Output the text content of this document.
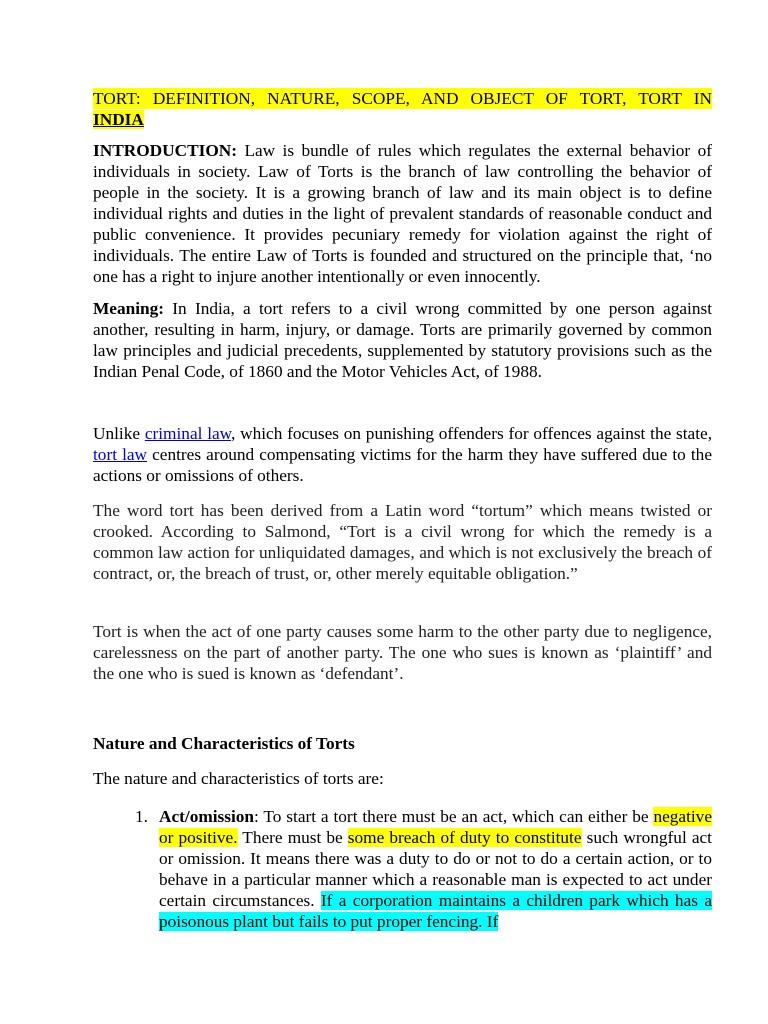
TORT: DEFINITION, NATURE, SCOPE, AND OBJECT OF TORT, TORT IN
INDIA

INTRODUCTION: Law is bundle of rules which regulates the external behavior of individuals in society. Law of Torts is the branch of law controlling the behavior of people in the society. It is a growing branch of law and its main object is to define individual rights and duties in the light of prevalent standards of reasonable conduct and public convenience. It provides pecuniary remedy for violation against the right of individuals. The entire Law of Torts is founded and structured on the principle that, ‘no one has a right to injure another intentionally or even innocently.

Meaning: In India, a tort refers to a civil wrong committed by one person against another, resulting in harm, injury, or damage. Torts are primarily governed by common law principles and judicial precedents, supplemented by statutory provisions such as the Indian Penal Code, of 1860 and the Motor Vehicles Act, of 1988.

Unlike criminal law, which focuses on punishing offenders for offences against the state, tort law centres around compensating victims for the harm they have suffered due to the actions or omissions of others.

The word tort has been derived from a Latin word “tortum” which means twisted or crooked. According to Salmond, “Tort is a civil wrong for which the remedy is a common law action for unliquidated damages, and which is not exclusively the breach of contract, or, the breach of trust, or, other merely equitable obligation.”

Tort is when the act of one party causes some harm to the other party due to negligence, carelessness on the part of another party. The one who sues is known as ‘plaintiff’ and the one who is sued is known as ‘defendant’.

Nature and Characteristics of Torts

The nature and characteristics of torts are:

1. Act/omission: To start a tort there must be an act, which can either be negative or positive. There must be some breach of duty to constitute such wrongful act or omission. It means there was a duty to do or not to do a certain action, or to behave in a particular manner which a reasonable man is expected to act under certain circumstances. If a corporation maintains a children park which has a poisonous plant but fails to put proper fencing. If
